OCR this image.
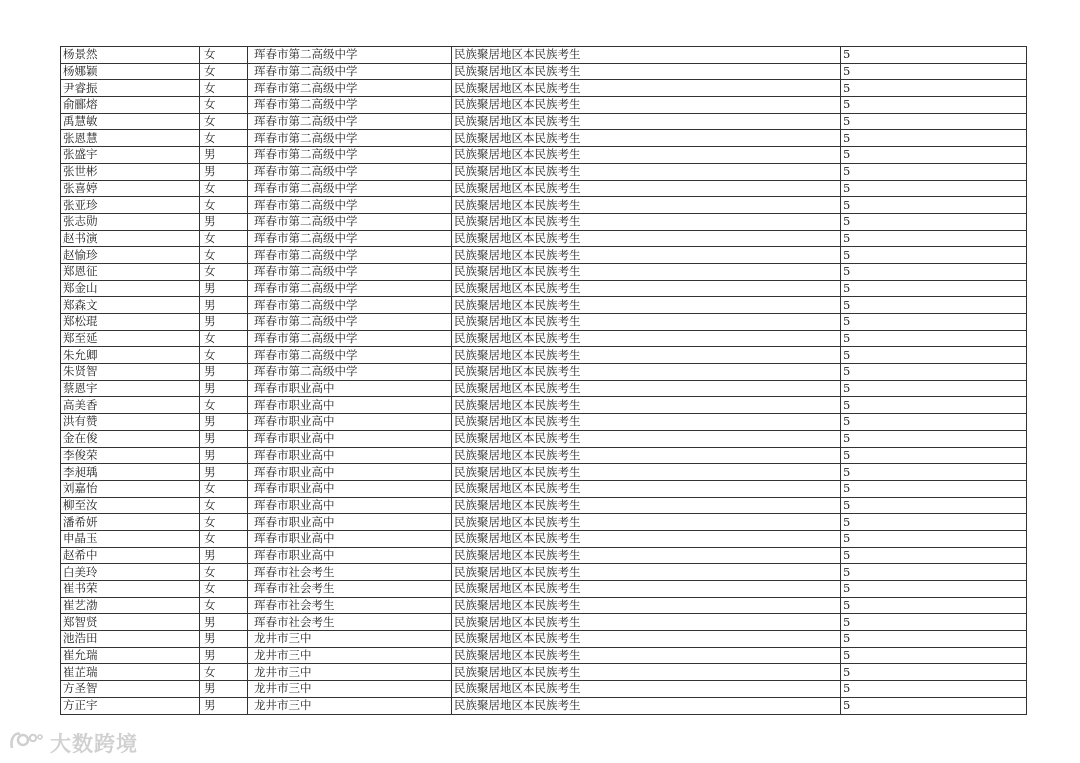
杨景然	女	珲春市第二高级中学	民族聚居地区本民族考生	5
杨娜颖	女	珲春市第二高级中学	民族聚居地区本民族考生	5
尹睿振	女	珲春市第二高级中学	民族聚居地区本民族考生	5
俞郦熔	女	珲春市第二高级中学	民族聚居地区本民族考生	5
禹慧敏	女	珲春市第二高级中学	民族聚居地区本民族考生	5
张恩慧	女	珲春市第二高级中学	民族聚居地区本民族考生	5
张盛宇	男	珲春市第二高级中学	民族聚居地区本民族考生	5
张世彬	男	珲春市第二高级中学	民族聚居地区本民族考生	5
张喜婷	女	珲春市第二高级中学	民族聚居地区本民族考生	5
张亚珍	女	珲春市第二高级中学	民族聚居地区本民族考生	5
张志勋	男	珲春市第二高级中学	民族聚居地区本民族考生	5
赵书演	女	珲春市第二高级中学	民族聚居地区本民族考生	5
赵愉珍	女	珲春市第二高级中学	民族聚居地区本民族考生	5
郑恩征	女	珲春市第二高级中学	民族聚居地区本民族考生	5
郑金山	男	珲春市第二高级中学	民族聚居地区本民族考生	5
郑森文	男	珲春市第二高级中学	民族聚居地区本民族考生	5
郑松琨	男	珲春市第二高级中学	民族聚居地区本民族考生	5
郑至延	女	珲春市第二高级中学	民族聚居地区本民族考生	5
朱允卿	女	珲春市第二高级中学	民族聚居地区本民族考生	5
朱贤智	男	珲春市第二高级中学	民族聚居地区本民族考生	5
蔡恩宇	男	珲春市职业高中	民族聚居地区本民族考生	5
高美香	女	珲春市职业高中	民族聚居地区本民族考生	5
洪有赞	男	珲春市职业高中	民族聚居地区本民族考生	5
金在俊	男	珲春市职业高中	民族聚居地区本民族考生	5
李俊荣	男	珲春市职业高中	民族聚居地区本民族考生	5
李昶瑀	男	珲春市职业高中	民族聚居地区本民族考生	5
刘嘉怡	女	珲春市职业高中	民族聚居地区本民族考生	5
柳至汝	女	珲春市职业高中	民族聚居地区本民族考生	5
潘希妍	女	珲春市职业高中	民族聚居地区本民族考生	5
申晶玉	女	珲春市职业高中	民族聚居地区本民族考生	5
赵希中	男	珲春市职业高中	民族聚居地区本民族考生	5
白美玲	女	珲春市社会考生	民族聚居地区本民族考生	5
崔书荣	女	珲春市社会考生	民族聚居地区本民族考生	5
崔艺渤	女	珲春市社会考生	民族聚居地区本民族考生	5
郑智贤	男	珲春市社会考生	民族聚居地区本民族考生	5
池浩田	男	龙井市三中	民族聚居地区本民族考生	5
崔允瑞	男	龙井市三中	民族聚居地区本民族考生	5
崔芷瑞	女	龙井市三中	民族聚居地区本民族考生	5
方圣智	男	龙井市三中	民族聚居地区本民族考生	5
方正宇	男	龙井市三中	民族聚居地区本民族考生	5
大数跨境
